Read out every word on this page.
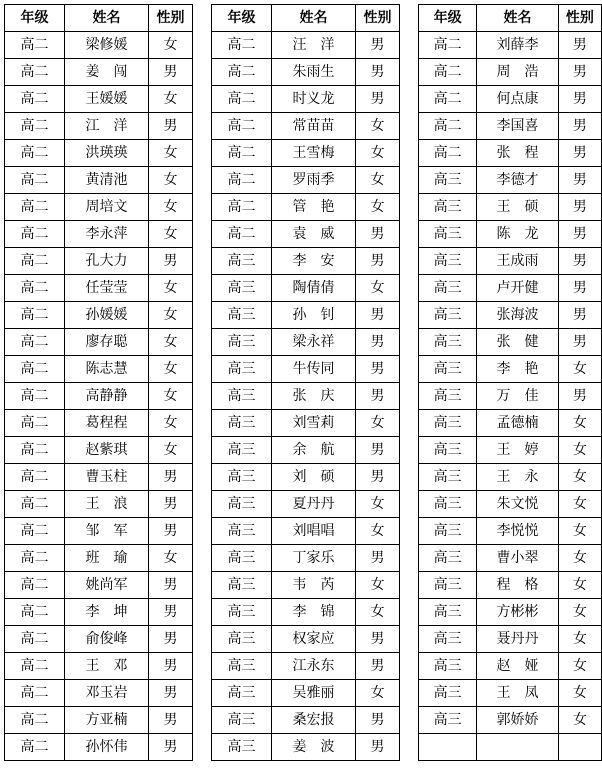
年级	姓名	性别
高二	梁修媛	女
高二	姜　闯	男
高二	王媛媛	女
高二	江　洋	男
高二	洪瑛瑛	女
高二	黄清池	女
高二	周培文	女
高二	李永萍	女
高二	孔大力	男
高二	任莹莹	女
高二	孙媛媛	女
高二	廖存聪	女
高二	陈志慧	女
高二	高静静	女
高二	葛程程	女
高二	赵紫琪	女
高二	曹玉柱	男
高二	王　浪	男
高二	邹　军	男
高二	班　瑜	女
高二	姚尚军	男
高二	李　坤	男
高二	俞俊峰	男
高二	王　邓	男
高二	邓玉岩	男
高二	方亚楠	男
高二	孙怀伟	男
年级	姓名	性别
高二	汪　洋	男
高二	朱雨生	男
高二	时义龙	男
高二	常苗苗	女
高二	王雪梅	女
高二	罗雨季	女
高二	管　艳	女
高二	袁　威	男
高三	李　安	男
高三	陶倩倩	女
高三	孙　钊	男
高三	梁永祥	男
高三	牛传同	男
高三	张　庆	男
高三	刘雪莉	女
高三	余　航	男
高三	刘　硕	男
高三	夏丹丹	女
高三	刘唱唱	女
高三	丁家乐	男
高三	韦　芮	女
高三	李　锦	女
高三	权家应	男
高三	江永东	男
高三	吴雅丽	女
高三	桑宏报	男
高三	姜　波	男
年级	姓名	性别
高二	刘薛李	男
高二	周　浩	男
高二	何点康	男
高二	李国喜	男
高二	张　程	男
高三	李德才	男
高三	王　硕	男
高三	陈　龙	男
高三	王成雨	男
高三	卢开健	男
高三	张海波	男
高三	张　健	男
高三	李　艳	女
高三	万　佳	男
高三	孟德楠	女
高三	王　婷	女
高三	王　永	女
高三	朱文悦	女
高三	李悦悦	女
高三	曹小翠	女
高三	程　格	女
高三	方彬彬	女
高三	聂丹丹	女
高三	赵　娅	女
高三	王　凤	女
高三	郭娇娇	女
